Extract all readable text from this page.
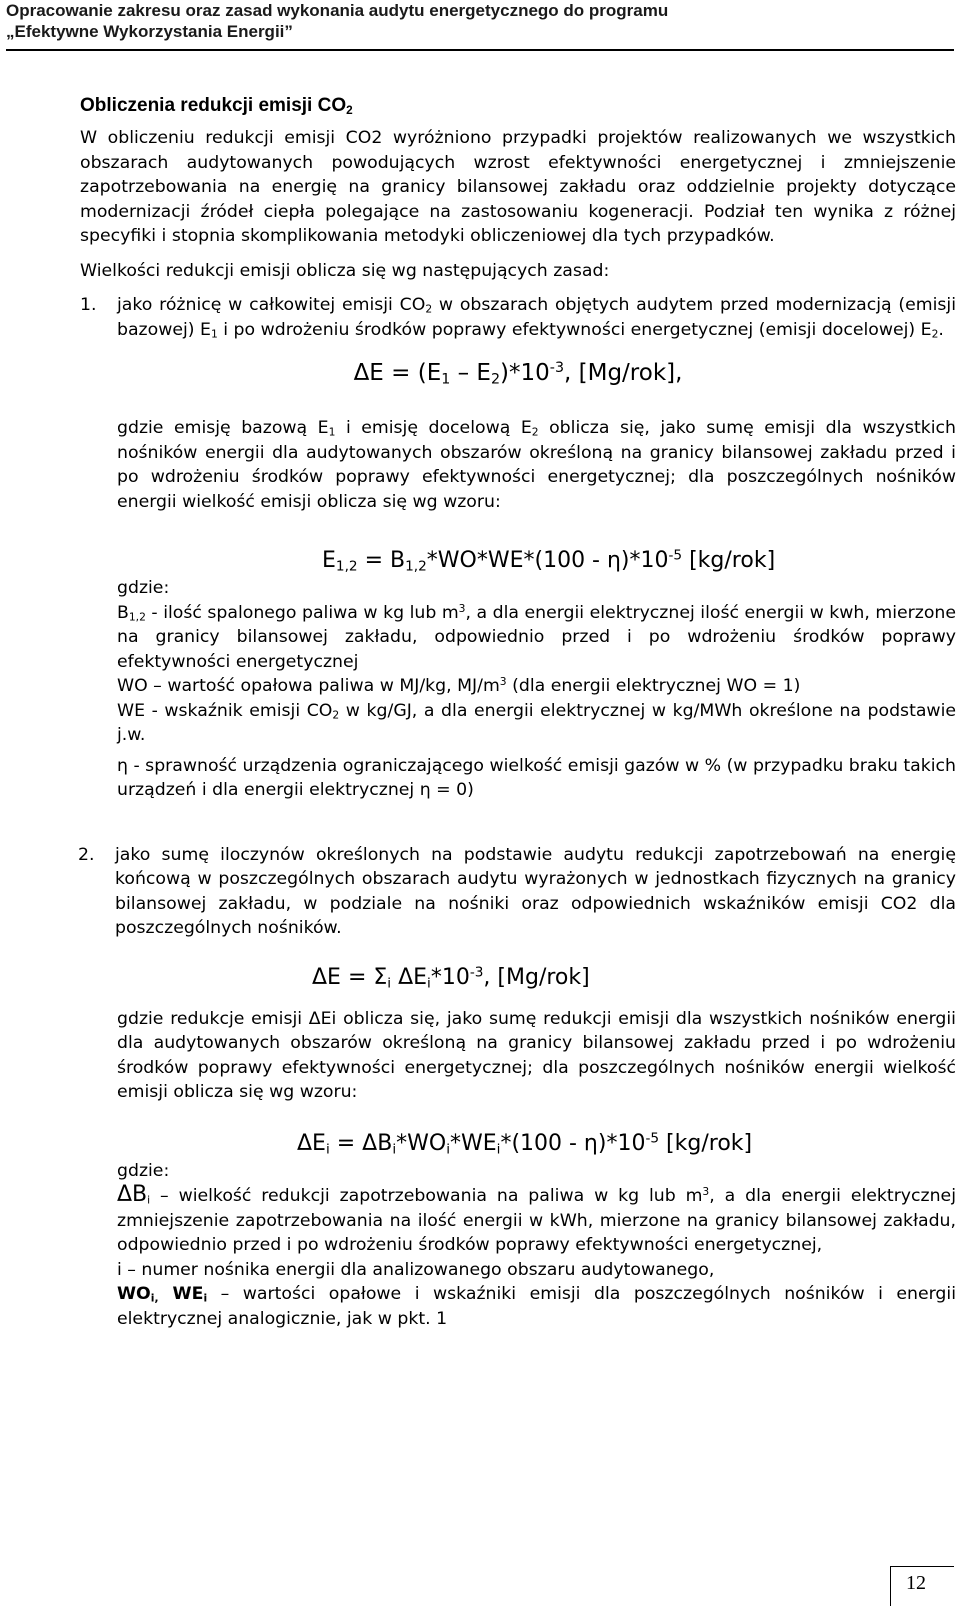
Opracowanie zakresu oraz zasad wykonania audytu energetycznego do programu
„Efektywne Wykorzystania Energii”
Obliczenia redukcji emisji $CO_2$

W obliczeniu redukcji emisji CO2 wyróżniono przypadki projektów realizowanych we wszystkich obszarach audytowanych powodujących wzrost efektywności energetycznej i zmniejszenie zapotrzebowania na energię na granicy bilansowej zakładu oraz oddzielnie projekty dotyczące modernizacji źródeł ciepła polegające na zastosowaniu kogeneracji. Podział ten wynika z różnej specyfiki i stopnia skomplikowania metodyki obliczeniowej dla tych przypadków.

Wielkości redukcji emisji oblicza się wg następujących zasad:

1.	jako różnicę w całkowitej emisji $CO_2$ w obszarach objętych audytem przed modernizacją (emisji bazowej) $E_1$ i po wdrożeniu środków poprawy efektywności energetycznej (emisji docelowej) $E_2$.

$\Delta E = (E_1 - E_2)*10^{-3}$, [Mg/rok],

gdzie emisję bazową $E_1$ i emisję docelową $E_2$ oblicza się, jako sumę emisji dla wszystkich nośników energii dla audytowanych obszarów określoną na granicy bilansowej zakładu przed i po wdrożeniu środków poprawy efektywności energetycznej; dla poszczególnych nośników energii wielkość emisji oblicza się wg wzoru:

$E_{1,2} = B_{1,2}*WO*WE*(100 - \eta)*10^{-5}$ [kg/rok]

gdzie:

$B_{1,2}$ - ilość spalonego paliwa w kg lub $m^3$, a dla energii elektrycznej ilość energii w kwh, mierzone na granicy bilansowej zakładu, odpowiednio przed i po wdrożeniu środków poprawy efektywności energetycznej

WO – wartość opałowa paliwa w MJ/kg, $MJ/m^3$ (dla energii elektrycznej WO = 1)

WE - wskaźnik emisji $CO_2$ w kg/GJ, a dla energii elektrycznej w kg/MWh określone na podstawie j.w.

η - sprawność urządzenia ograniczającego wielkość emisji gazów w % (w przypadku braku takich urządzeń i dla energii elektrycznej η = 0)

2.	jako sumę iloczynów określonych na podstawie audytu redukcji zapotrzebowań na energię końcową w poszczególnych obszarach audytu wyrażonych w jednostkach fizycznych na granicy bilansowej zakładu, w podziale na nośniki oraz odpowiednich wskaźników emisji CO2 dla poszczególnych nośników.

$\Delta E = \Sigma_i$ $\Delta E_i*10^{-3}$, [Mg/rok]

gdzie redukcje emisji ΔEi oblicza się, jako sumę redukcji emisji dla wszystkich nośników energii dla audytowanych obszarów określoną na granicy bilansowej zakładu przed i po wdrożeniu środków poprawy efektywności energetycznej; dla poszczególnych nośników energii wielkość emisji oblicza się wg wzoru:

$\Delta E_i = \Delta B_i*WO_i*WE_i*(100 - \eta)*10^{-5}$ [kg/rok]

gdzie:

$\Delta B_i$ – wielkość redukcji zapotrzebowania na paliwa w kg lub $m^3$, a dla energii elektrycznej zmniejszenie zapotrzebowania na ilość energii w kWh, mierzone na granicy bilansowej zakładu, odpowiednio przed i po wdrożeniu środków poprawy efektywności energetycznej,

i – numer nośnika energii dla analizowanego obszaru audytowanego,

$WO_{i,}$ $WE_i$ – wartości opałowe i wskaźniki emisji dla poszczególnych nośników i energii elektrycznej analogicznie, jak w pkt. 1

12
